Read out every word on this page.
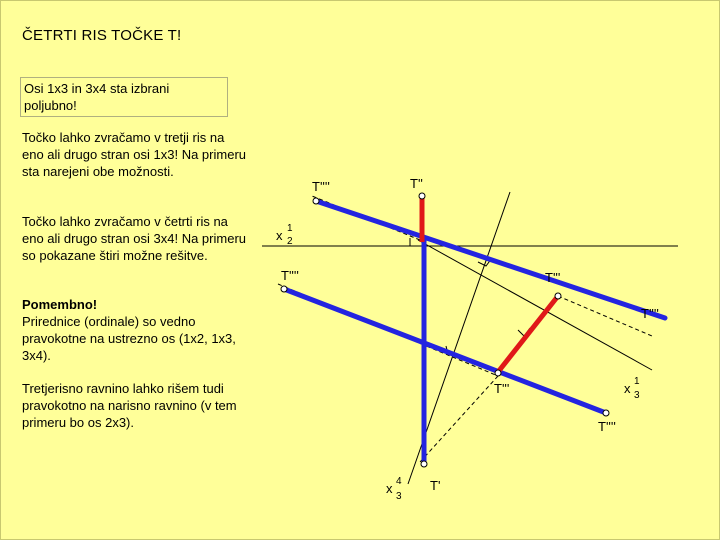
ČETRTI RIS TOČKE T!
Osi 1x3 in 3x4 sta izbrani poljubno!
Točko lahko zvračamo v tretji ris na eno ali drugo stran osi 1x3! Na primeru sta narejeni obe možnosti.
Točko lahko zvračamo v četrti ris na eno ali drugo stran osi 3x4! Na primeru so pokazane štiri možne rešitve.
Pomembno!
Prirednice (ordinale) so vedno pravokotne na ustrezno os (1x2, 1x3, 3x4).
Tretjerisno ravnino lahko rišem tudi pravokotno na narisno ravnino (v tem primeru bo os 2x3).
T''
T''''
T''''	T'''
T''''
T'''
T''''
T'
x 1
2
x 1
3
x 4
3
